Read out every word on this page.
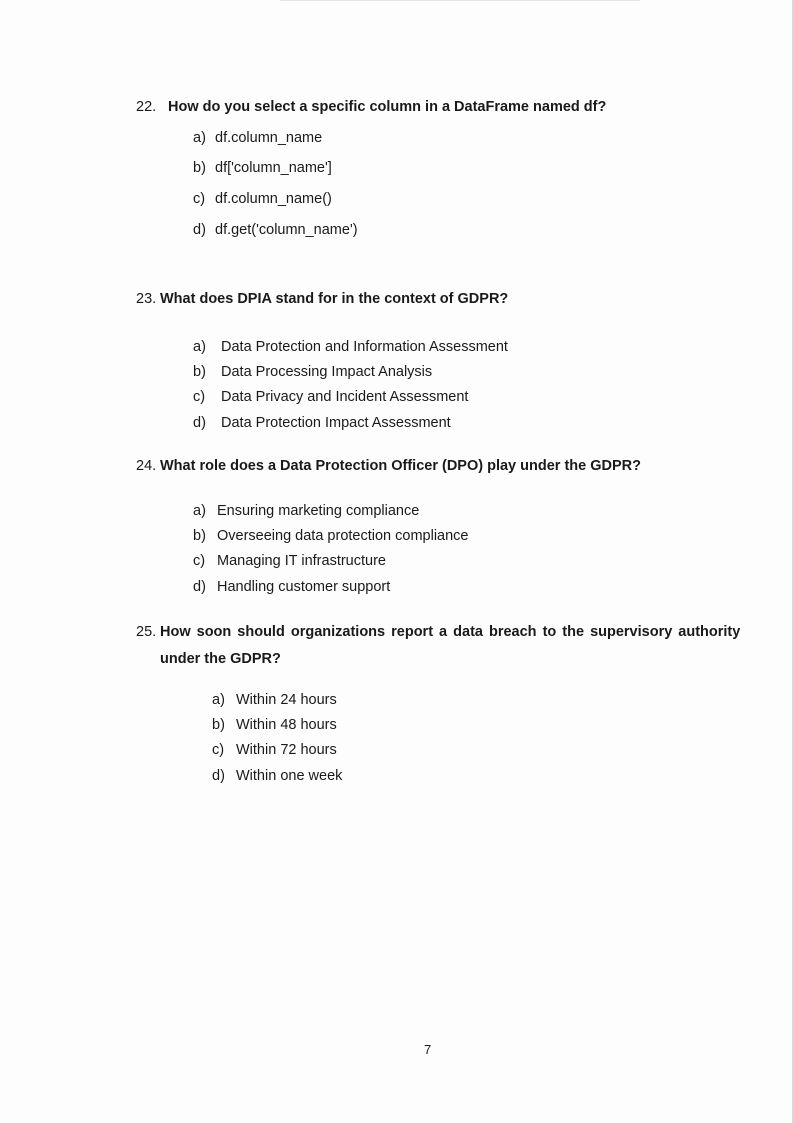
22. How do you select a specific column in a DataFrame named df?
a) df.column_name
b) df['column_name']
c) df.column_name()
d) df.get('column_name')
23. What does DPIA stand for in the context of GDPR?
a) Data Protection and Information Assessment
b) Data Processing Impact Analysis
c) Data Privacy and Incident Assessment
d) Data Protection Impact Assessment
24. What role does a Data Protection Officer (DPO) play under the GDPR?
a) Ensuring marketing compliance
b) Overseeing data protection compliance
c) Managing IT infrastructure
d) Handling customer support
25. How soon should organizations report a data breach to the supervisory authority
under the GDPR?
a) Within 24 hours
b) Within 48 hours
c) Within 72 hours
d) Within one week
7
